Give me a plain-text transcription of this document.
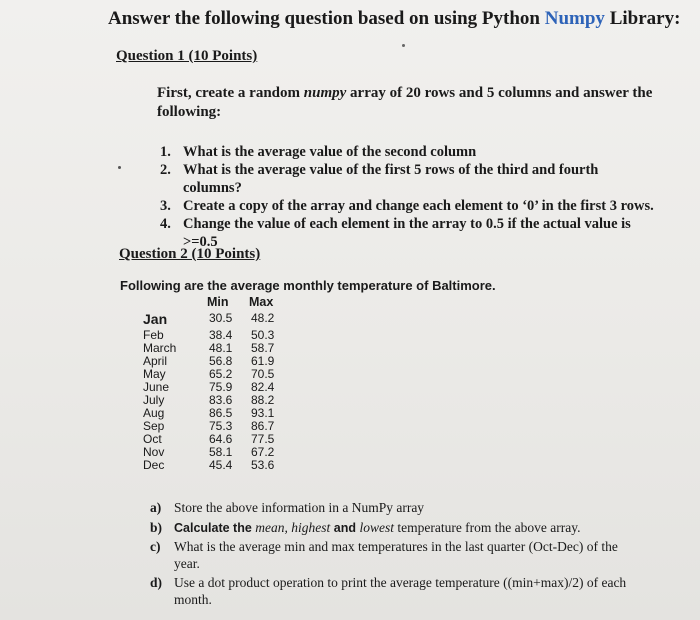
Answer the following question based on using Python Numpy Library:
Question 1 (10 Points)
First, create a random numpy array of 20 rows and 5 columns and answer the following:
1. What is the average value of the second column
2. What is the average value of the first 5 rows of the third and fourth columns?
3. Create a copy of the array and change each element to ‘0’ in the first 3 rows.
4. Change the value of each element in the array to 0.5 if the actual value is >=0.5
Question 2 (10 Points)
Following are the average monthly temperature of Baltimore.
Min Max
Jan	30.5 48.2
Feb	38.4 50.3
March	48.1 58.7
April	56.8 61.9
May	65.2 70.5
June	75.9 82.4
July	83.6 88.2
Aug	86.5 93.1
Sep	75.3 86.7
Oct	64.6 77.5
Nov	58.1 67.2
Dec	45.4 53.6
a) Store the above information in a NumPy array
b) Calculate the mean, highest and lowest temperature from the above array.
c) What is the average min and max temperatures in the last quarter (Oct-Dec) of the year.
d) Use a dot product operation to print the average temperature ((min+max)/2) of each month.
